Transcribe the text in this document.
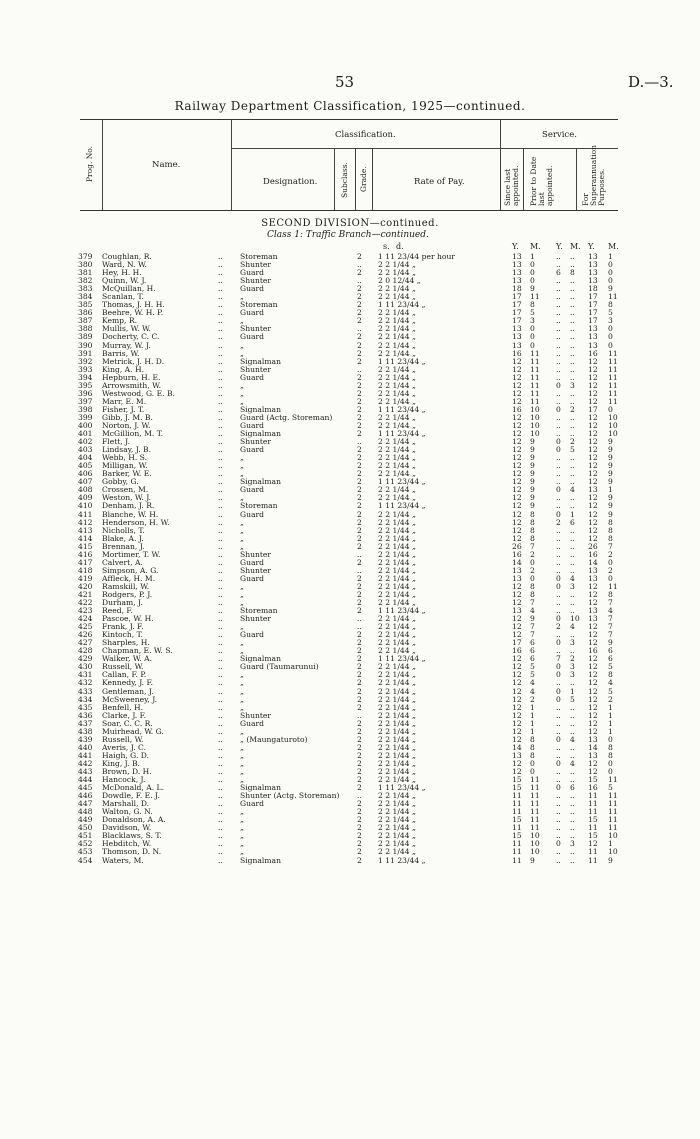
53	D.—3.
Railway Department Classification, 1925—continued.
Prog. No.	Name.
Classification.	Service.
Designation.	Subclass. Grade.	Rate of Pay.	Since last appointed. Prior to Date last appointed.	For Superannuation Purposes.
SECOND DIVISION—continued.
Class 1: Traffic Branch—continued.
s. d.	Y. M. Y. M. Y. M.
379 Coughlan, R.	.. Storeman	2 1 11 23/44 per hour	13 1	.. .. 13 1
380 Ward, N. W.	.. Shunter	.. 2 2 1/44 „	13 0	.. .. 13 0
381 Hey, H. H.	.. Guard	2 2 2 1/44 „	13 0	6 8 13 0
382 Quinn, W. J.	.. Shunter	.. 2 0 12/44 „	13 0	.. .. 13 0
383 McQuillan, H.	.. Guard	2 2 2 1/44 „	18 9	.. .. 18 9
384 Scanlan, T.	.. „	2 2 2 1/44 „	17 11 .. .. 17 11
385 Thomas, J. H. H.	.. Storeman	2 1 11 23/44 „	17 8	.. .. 17 8
386 Beehre, W. H. P.	.. Guard	2 2 2 1/44 „	17 5	.. .. 17 5
387 Kemp, R.	.. „	2 2 2 1/44 „	17 3	.. .. 17 3
388 Mullis, W. W.	.. Shunter	.. 2 2 1/44 „	13 0	.. .. 13 0
389 Docherty, C. C.	.. Guard	2 2 2 1/44 „	13 0	.. .. 13 0
390 Murray, W. J.	.. „	2 2 2 1/44 „	13 0	.. .. 13 0
391 Barris, W.	.. „	2 2 2 1/44 „	16 11 .. .. 16 11
392 Metrick, J. H. D.	.. Signalman	2 1 11 23/44 „	12 11 .. .. 12 11
393 King, A. H.	.. Shunter	.. 2 2 1/44 „	12 11 .. .. 12 11
394 Hepburn, H. E.	.. Guard	2 2 2 1/44 „	12 11 .. .. 12 11
395 Arrowsmith, W.	.. „	2 2 2 1/44 „	12 11 0 3 12 11
396 Westwood, G. E. B.	.. „	2 2 2 1/44 „	12 11 .. .. 12 11
397 Marr, E. M.	.. „	2 2 2 1/44 „	12 11 .. .. 12 11
398 Fisher, J. T.	.. Signalman	2 1 11 23/44 „	16 10 0 2 17 0
399 Gibb, J. M. B.	.. Guard (Actg. Storeman)	2 2 2 1/44 „	12 10 .. .. 12 10
400 Norton, J. W.	.. Guard	2 2 2 1/44 „	12 10 .. .. 12 10
401 McGillion, M. T.	.. Signalman	2 1 11 23/44 „	12 10 .. .. 12 10
402 Flett, J.	.. Shunter	.. 2 2 1/44 „	12 9	0 2 12 9
403 Lindsay, J. B.	.. Guard	2 2 2 1/44 „	12 9	0 5 12 9
404 Webb, H. S.	.. „	2 2 2 1/44 „	12 9	.. .. 12 9
405 Milligan, W.	.. „	2 2 2 1/44 „	12 9	.. .. 12 9
406 Barker, W. E.	.. „	2 2 2 1/44 „	12 9	.. .. 12 9
407 Gobby, G.	.. Signalman	2 1 11 23/44 „	12 9	.. .. 12 9
408 Crossen, M.	.. Guard	2 2 2 1/44 „	12 9	0 4 13 1
409 Weston, W. J.	.. „	2 2 2 1/44 „	12 9	.. .. 12 9
410 Denham, J. R.	.. Storeman	2 1 11 23/44 „	12 9	.. .. 12 9
411 Blanche, W. H.	.. Guard	2 2 2 1/44 „	12 8	0 1 12 9
412 Henderson, H. W.	.. „	2 2 2 1/44 „	12 8	2 6 12 8
413 Nicholls, T.	.. „	2 2 2 1/44 „	12 8	.. .. 12 8
414 Blake, A. J.	.. „	2 2 2 1/44 „	12 8	.. .. 12 8
415 Brennan, J.	.. „	2 2 2 1/44 „	26 7	.. .. 26 7
416 Mortimer, T. W.	.. Shunter	.. 2 2 1/44 „	16 2	.. .. 16 2
417 Calvert, A.	.. Guard	2 2 2 1/44 „	14 0	.. .. 14 0
418 Simpson, A. G.	.. Shunter	.. 2 2 1/44 „	13 2	.. .. 13 2
419 Affleck, H. M.	.. Guard	2 2 2 1/44 „	13 0	0 4 13 0
420 Ramskill, W.	.. „	2 2 2 1/44 „	12 8	0 3 12 11
421 Rodgers, P. J.	.. „	2 2 2 1/44 „	12 8	.. .. 12 8
422 Durham, J.	.. „	2 2 2 1/44 „	12 7	.. .. 12 7
423 Reed, F.	.. Storeman	2 1 11 23/44 „	13 4	.. .. 13 4
424 Pascoe, W. H.	.. Shunter	.. 2 2 1/44 „	12 9	0 10 13 7
425 Frank, J. F.	.. „	.. 2 2 1/44 „	12 7	2 4 12 7
426 Kintoch, T.	.. Guard	2 2 2 1/44 „	12 7	.. .. 12 7
427 Sharples, H.	.. „	2 2 2 1/44 „	17 6	0 3 12 9
428 Chapman, E. W. S.	.. „	2 2 2 1/44 „	16 6	.. .. 16 6
429 Walker, W. A.	.. Signalman	2 1 11 23/44 „	12 6	7 2 12 6
430 Russell, W.	.. Guard (Taumarunui)	2 2 2 1/44 „	12 5	0 3 12 5
431 Callan, F. P.	.. „	2 2 2 1/44 „	12 5	0 3 12 8
432 Kennedy, J. F.	.. „	2 2 2 1/44 „	12 4	.. .. 12 4
433 Gentleman, J.	.. „	2 2 2 1/44 „	12 4	0 1 12 5
434 McSweeney, J.	.. „	2 2 2 1/44 „	12 2	0 5 12 2
435 Benfell, H.	.. „	2 2 2 1/44 „	12 1	.. .. 12 1
436 Clarke, J. F.	.. Shunter	.. 2 2 1/44 „	12 1	.. .. 12 1
437 Soar, C. C. R.	.. Guard	2 2 2 1/44 „	12 1	.. .. 12 1
438 Muirhead, W. G.	.. „	2 2 2 1/44 „	12 1	.. .. 12 1
439 Russell, W.	.. „ (Maungaturoto)	2 2 2 1/44 „	12 8	0 4 13 0
440 Averis, J. C.	.. „	2 2 2 1/44 „	14 8	.. .. 14 8
441 Haigh, G. D.	.. „	2 2 2 1/44 „	13 8	.. .. 13 8
442 King, J. B.	.. „	2 2 2 1/44 „	12 0	0 4 12 0
443 Brown, D. H.	.. „	2 2 2 1/44 „	12 0	.. .. 12 0
444 Hancock, J.	.. „	2 2 2 1/44 „	15 11 .. .. 15 11
445 McDonald, A. L.	.. Signalman	2 1 11 23/44 „	15 11 0 6 16 5
446 Dowdle, F. E. J.	.. Shunter (Actg. Storeman) .. 2 2 1/44 „	11 11 .. .. 11 11
447 Marshall, D.	.. Guard	2 2 2 1/44 „	11 11 .. .. 11 11
448 Walton, G. N.	.. „	2 2 2 1/44 „	11 11 .. .. 11 11
449 Donaldson, A. A.	.. „	2 2 2 1/44 „	15 11 .. .. 15 11
450 Davidson, W.	.. „	2 2 2 1/44 „	11 11 .. .. 11 11
451 Blacklaws, S. T.	.. „	2 2 2 1/44 „	15 10 .. .. 15 10
452 Hebditch, W.	.. „	2 2 2 1/44 „	11 10 0 3 12 1
453 Thomson, D. N.	.. „	2 2 2 1/44 „	11 10 .. .. 11 10
454 Waters, M.	.. Signalman	2 1 11 23/44 „	11 9	.. .. 11 9
